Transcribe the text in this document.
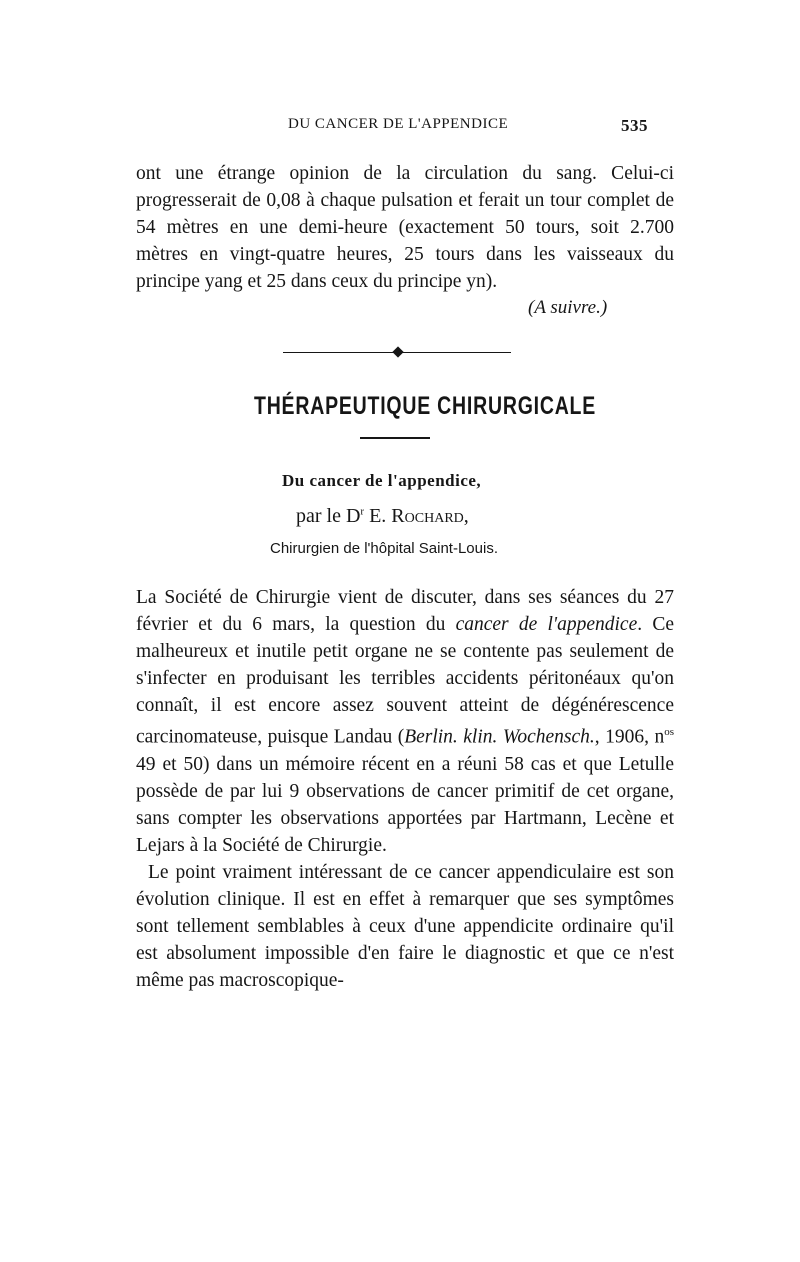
DU CANCER DE L'APPENDICE	535

ont une étrange opinion de la circulation du sang. Celui-ci progresserait de 0,08 à chaque pulsation et ferait un tour complet de 54 mètres en une demi-heure (exactement 50 tours, soit 2.700 mètres en vingt-quatre heures, 25 tours dans les vaisseaux du principe yang et 25 dans ceux du principe yn).

(A suivre.)
THÉRAPEUTIQUE CHIRURGICALE
Du cancer de l'appendice,
par le $D^r$ E. Rochard,
Chirurgien de l'hôpital Saint-Louis.

La Société de Chirurgie vient de discuter, dans ses séances du 27 février et du 6 mars, la question du cancer de l'appendice. Ce malheureux et inutile petit organe ne se contente pas seulement de s'infecter en produisant les terribles accidents péritonéaux qu'on connaît, il est encore assez souvent atteint de dégénérescence carcinomateuse, puisque Landau (Berlin. klin. Wochensch., 1906, $n^{os}$ 49 et 50) dans un mémoire récent en a réuni 58 cas et que Letulle possède de par lui 9 observations de cancer primitif de cet organe, sans compter les observations apportées par Hartmann, Lecène et Lejars à la Société de Chirurgie.

Le point vraiment intéressant de ce cancer appendiculaire est son évolution clinique. Il est en effet à remarquer que ses symptômes sont tellement semblables à ceux d'une appendicite ordinaire qu'il est absolument impossible d'en faire le diagnostic et que ce n'est même pas macroscopique-
